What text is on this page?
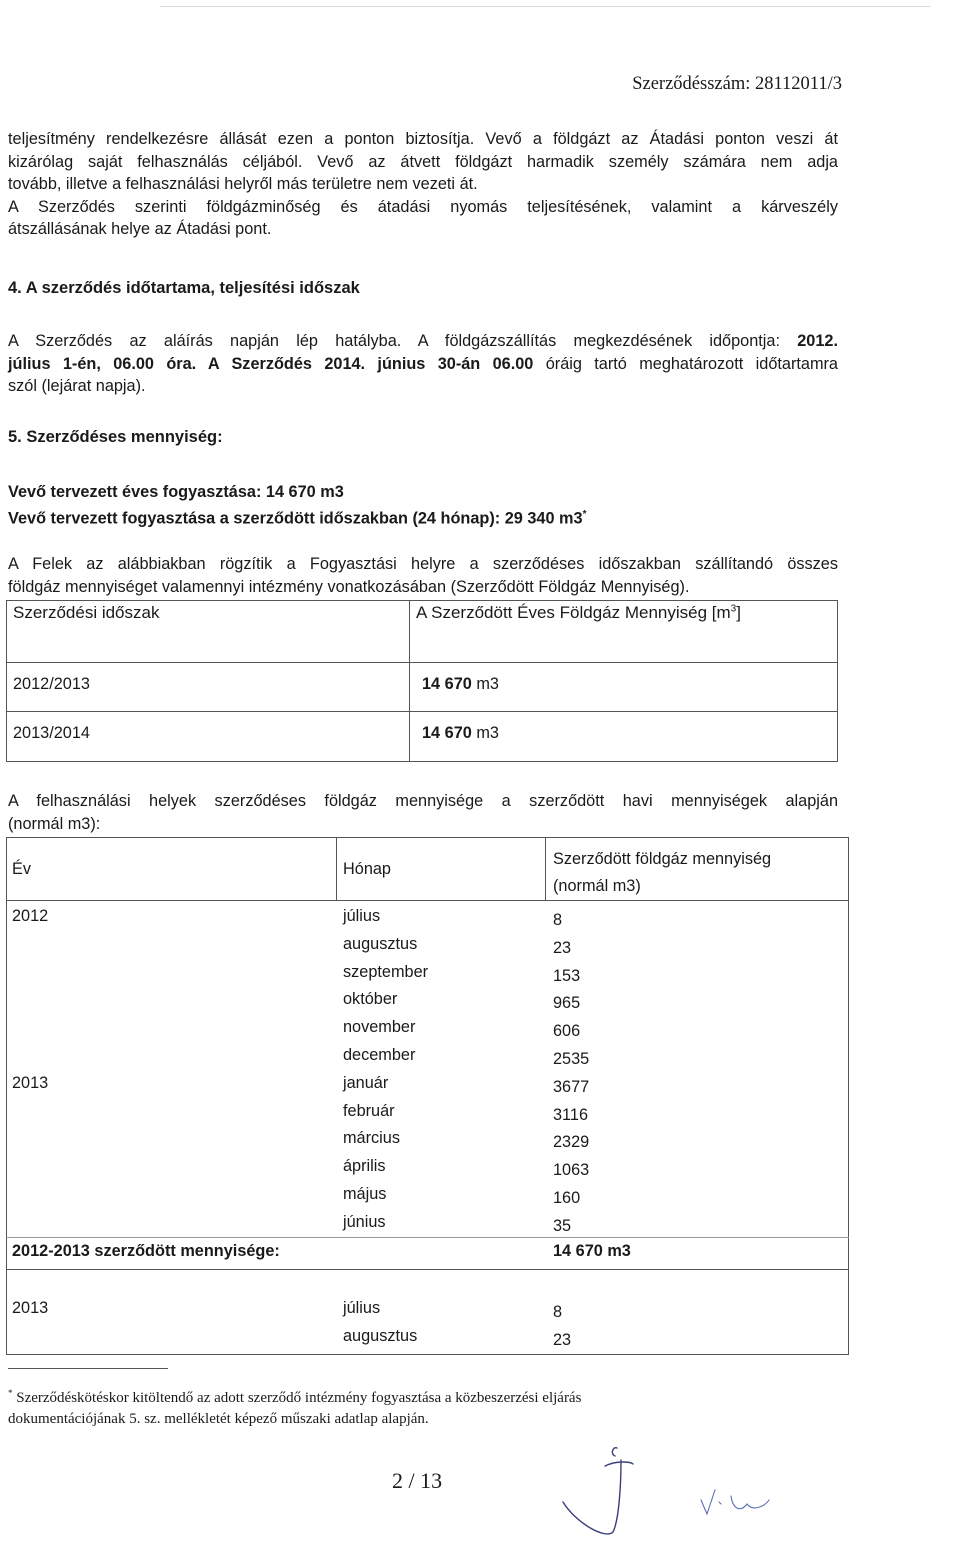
Szerződésszám: 28112011/3
teljesítmény rendelkezésre állását ezen a ponton biztosítja. Vevő a földgázt az Átadási ponton veszi át
kizárólag saját felhasználás céljából. Vevő az átvett földgázt harmadik személy számára nem adja
tovább, illetve a felhasználási helyről más területre nem vezeti át.
A Szerződés szerinti földgázminőség és átadási nyomás teljesítésének, valamint a kárveszély
átszállásának helye az Átadási pont.
4. A szerződés időtartama, teljesítési időszak
A Szerződés az aláírás napján lép hatályba. A földgázszállítás megkezdésének időpontja: 2012.
július 1-én, 06.00 óra. A Szerződés 2014. június 30-án 06.00 óráig tartó meghatározott időtartamra
szól (lejárat napja).
5. Szerződéses mennyiség:
Vevő tervezett éves fogyasztása: 14 670 m3
Vevő tervezett fogyasztása a szerződött időszakban (24 hónap): 29 340 m3*
A Felek az alábbiakban rögzítik a Fogyasztási helyre a szerződéses időszakban szállítandó összes
földgáz mennyiséget valamennyi intézmény vonatkozásában (Szerződött Földgáz Mennyiség).
Szerződési időszak	A Szerződött Éves Földgáz Mennyiség $[m^3]$
2012/2013	14 670 m3
2013/2014	14 670 m3
A felhasználási helyek szerződéses földgáz mennyisége a szerződött havi mennyiségek alapján
(normál m3):
Év	Hónap
Szerződött földgáz mennyiség
(normál m3)
2012	július	8
augusztus	23
szeptember	153
október	965
november	606
december	2535
2013	január	3677
február	3116
március	2329
április	1063
május	160
június	35
2012-2013 szerződött mennyisége:	14 670 m3
2013	július	8
augusztus	23
* Szerződéskötéskor kitöltendő az adott szerződő intézmény fogyasztása a közbeszerzési eljárás
dokumentációjának 5. sz. mellékletét képező műszaki adatlap alapján.
2 / 13
